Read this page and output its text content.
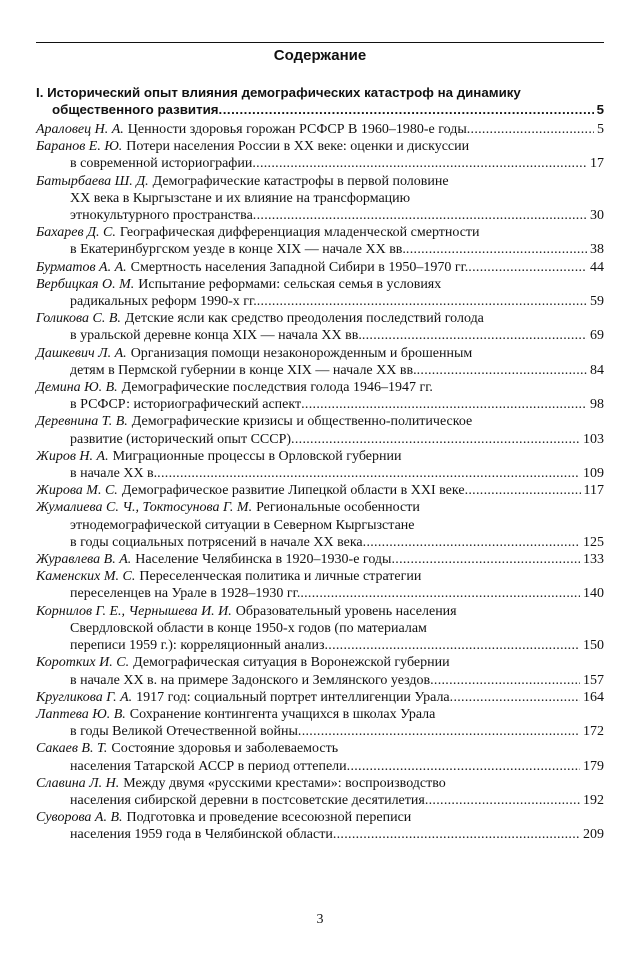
Содержание
I. Исторический опыт влияния демографических катастроф на динамику
общественного развития . . .	5
Араловец Н. А. Ценности здоровья горожан РСФСР В 1960–1980-е годы . . .	5
Баранов Е. Ю. Потери населения России в XX веке: оценки и дискуссии
в современной историографии . . .	17
Батырбаева Ш. Д. Демографические катастрофы в первой половине
XX века в Кыргызстане и их влияние на трансформацию
этнокультурного пространства . . .	30
Бахарев Д. С. Географическая дифференциация младенческой смертности
в Екатеринбургском уезде в конце XIX — начале XX вв. . . .	38
Бурматов А. А. Смертность населения Западной Сибири в 1950–1970 гг. . . .	44
Вербицкая О. М. Испытание реформами: сельская семья в условиях
радикальных реформ 1990-х гг. . . .	59
Голикова С. В. Детские ясли как средство преодоления последствий голода
в уральской деревне конца XIX — начала XX вв. . . .	69
Дашкевич Л. А. Организация помощи незаконорожденным и брошенным
детям в Пермской губернии в конце XIX — начале XX вв. . . .	84
Демина Ю. В. Демографические последствия голода 1946–1947 гг.
в РСФСР: историографический аспект . . .	98
Деревнина Т. В. Демографические кризисы и общественно-политическое
развитие (исторический опыт СССР) . . .	103
Жиров Н. А. Миграционные процессы в Орловской губернии
в начале XX в. . . .	109
Жирова М. С. Демографическое развитие Липецкой области в XXI веке . . .	117
Жумалиева С. Ч., Токтосунова Г. М. Региональные особенности
этнодемографической ситуации в Северном Кыргызстане
в годы социальных потрясений в начале XX века . . .	125
Журавлева В. А. Население Челябинска в 1920–1930-е годы . . .	133
Каменских М. С. Переселенческая политика и личные стратегии
переселенцев на Урале в 1928–1930 гг. . . .	140
Корнилов Г. Е., Чернышева И. И. Образовательный уровень населения
Свердловской области в конце 1950-х годов (по материалам
переписи 1959 г.): корреляционный анализ . . .	150
Коротких И. С. Демографическая ситуация в Воронежской губернии
в начале XX в. на примере Задонского и Землянского уездов . . .	157
Кругликова Г. А. 1917 год: социальный портрет интеллигенции Урала . . .	164
Лаптева Ю. В. Сохранение контингента учащихся в школах Урала
в годы Великой Отечественной войны . . .	172
Сакаев В. Т. Состояние здоровья и заболеваемость
населения Татарской АССР в период оттепели . . .	179
Славина Л. Н. Между двумя «русскими крестами»: воспроизводство
населения сибирской деревни в постсоветские десятилетия . . .	192
Суворова А. В. Подготовка и проведение всесоюзной переписи
населения 1959 года в Челябинской области . . .	209
3
